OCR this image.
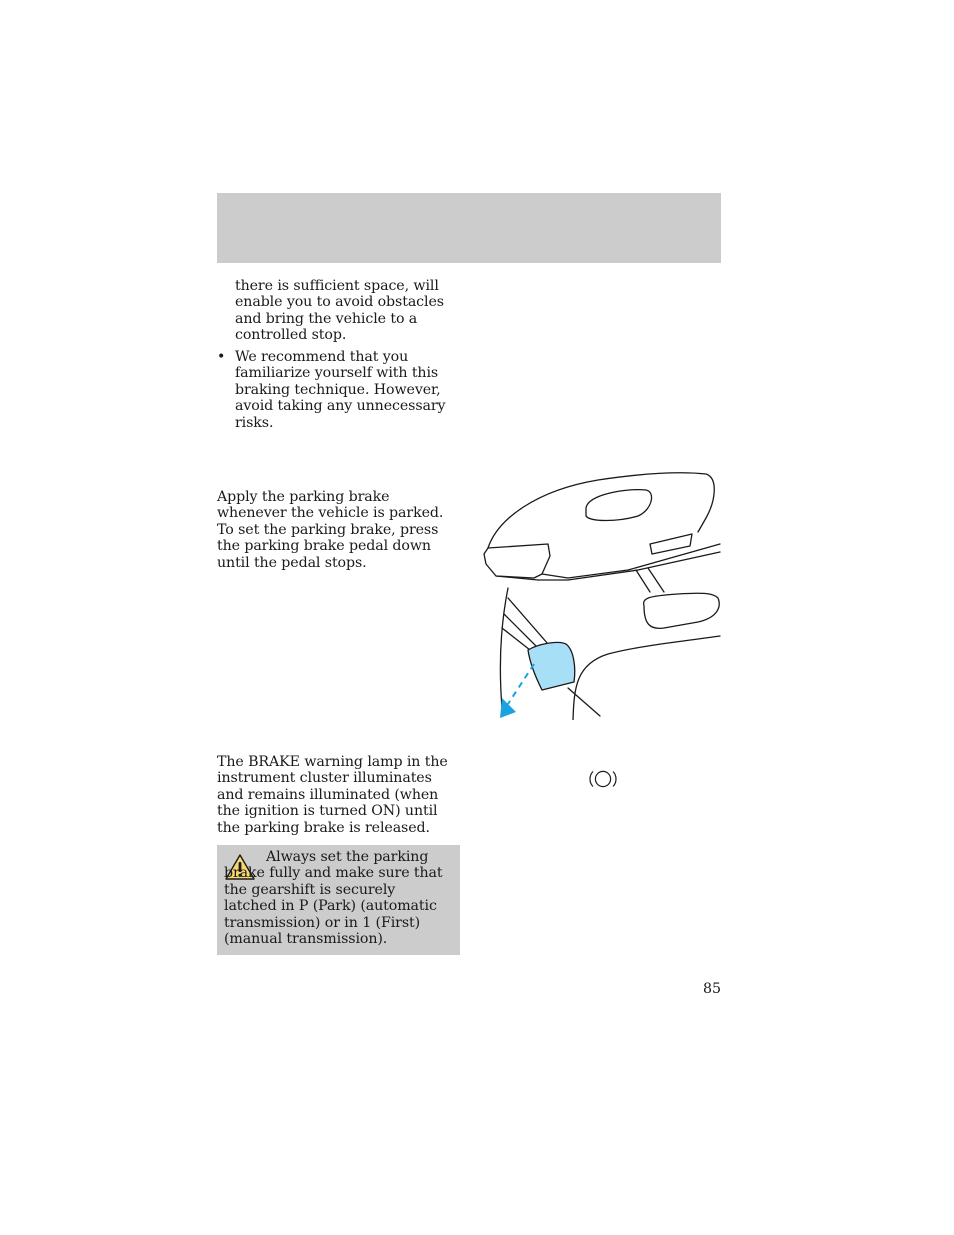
there is sufficient space, will enable you to avoid obstacles and bring the vehicle to a controlled stop.

• We recommend that you familiarize yourself with this braking technique. However, avoid taking any unnecessary risks.

Apply the parking brake whenever the vehicle is parked. To set the parking brake, press the parking brake pedal down until the pedal stops.

The BRAKE warning lamp in the instrument cluster illuminates and remains illuminated (when the ignition is turned ON) until the parking brake is released.

Always set the parking brake fully and make sure that the gearshift is securely latched in P (Park) (automatic transmission) or in 1 (First) (manual transmission).

85
